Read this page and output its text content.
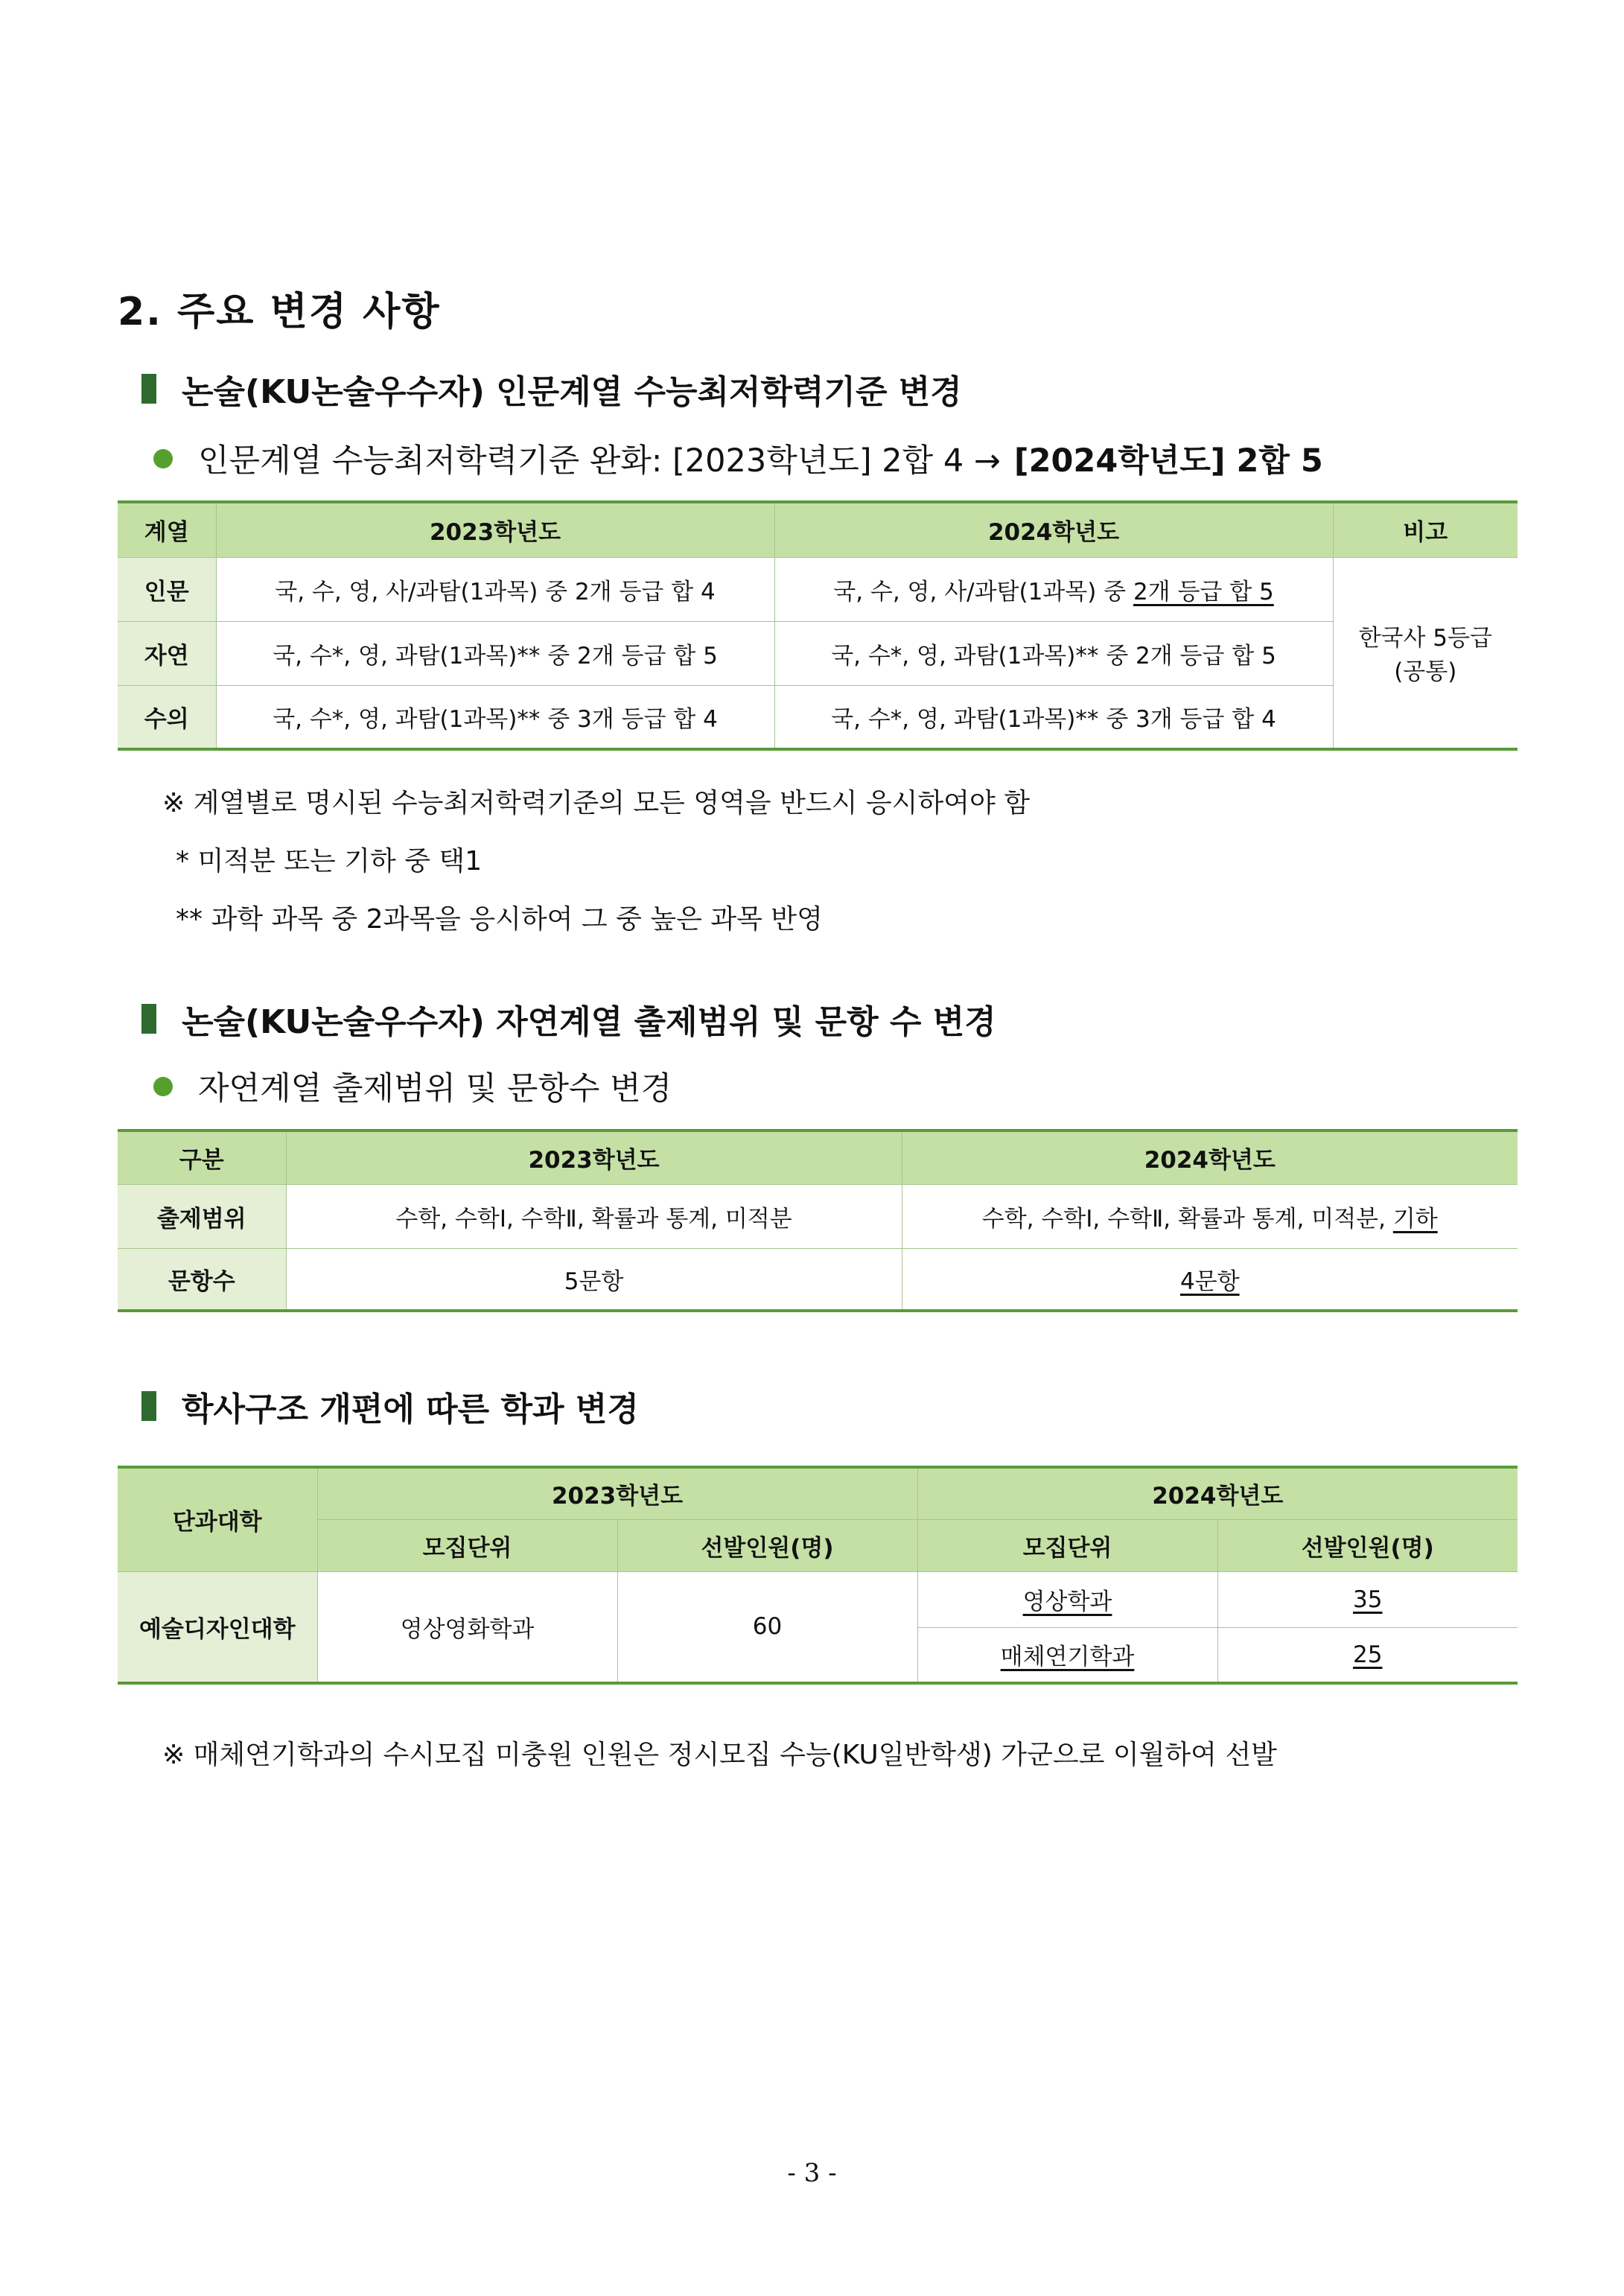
2. 주요 변경 사항
논술(KU논술우수자) 인문계열 수능최저학력기준 변경
인문계열 수능최저학력기준 완화: [2023학년도] 2합 4 → [2024학년도] 2합 5
계열	2023학년도	2024학년도	비고
인문	국, 수, 영, 사/과탐(1과목) 중 2개 등급 합 4	국, 수, 영, 사/과탐(1과목) 중 2개 등급 합 5	한국사 5등급
(공통)

자연	국, 수*, 영, 과탐(1과목)** 중 2개 등급 합 5	국, 수*, 영, 과탐(1과목)** 중 2개 등급 합 5	
수의	국, 수*, 영, 과탐(1과목)** 중 3개 등급 합 4	국, 수*, 영, 과탐(1과목)** 중 3개 등급 합 4	
※ 계열별로 명시된 수능최저학력기준의 모든 영역을 반드시 응시하여야 함
* 미적분 또는 기하 중 택1
** 과학 과목 중 2과목을 응시하여 그 중 높은 과목 반영
논술(KU논술우수자) 자연계열 출제범위 및 문항 수 변경
자연계열 출제범위 및 문항수 변경
구분	2023학년도	2024학년도
출제범위	수학, 수학Ⅰ, 수학Ⅱ, 확률과 통계, 미적분	수학, 수학Ⅰ, 수학Ⅱ, 확률과 통계, 미적분, 기하
문항수	5문항	4문항
학사구조 개편에 따른 학과 변경
단과대학	2023학년도		2024학년도	
	모집단위	선발인원(명)	모집단위	선발인원(명)
예술디자인대학	영상영화학과	60	영상학과	35
			매체연기학과	25
※ 매체연기학과의 수시모집 미충원 인원은 정시모집 수능(KU일반학생) 가군으로 이월하여 선발
- 3 -
